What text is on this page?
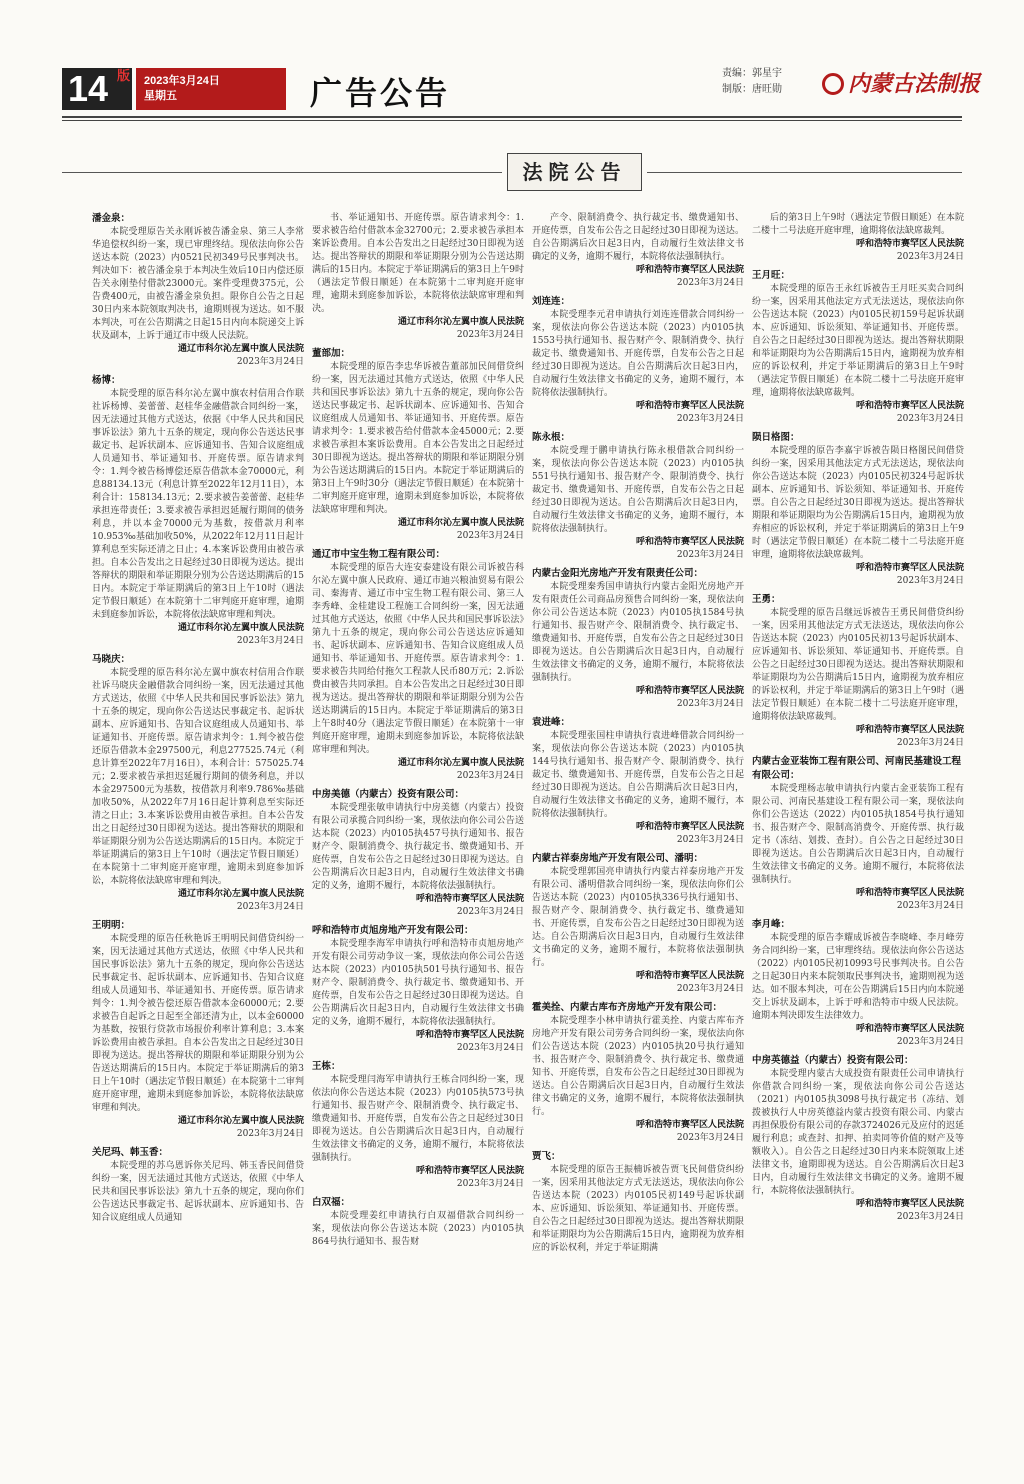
14 版 2023年3月24日
星期五	广告公告
责编：郭星宇
制版：唐旺勋	内蒙古法制报
法院公告
潘金泉：
本院受理原告关永刚诉被告潘金泉、第三人李常华追偿权纠纷一案，现已审理终结。现依法向你公告送达本院（2023）内0521民初349号民事判决书。判决如下：被告潘金泉于本判决生效后10日内偿还原告关永刚垫付借款23000元。案件受理费375元，公告费400元，由被告潘金泉负担。限你自公告之日起30日内来本院领取判决书，逾期则视为送达。如不服本判决，可在公告期满之日起15日内向本院递交上诉状及副本，上诉于通辽市中级人民法院。
通辽市科尔沁左翼中旗人民法院
2023年3月24日
杨博：
本院受理的原告科尔沁左翼中旗农村信用合作联社诉杨博、姜蕾蕾、赵桂华金融借款合同纠纷一案，因无法通过其他方式送达，依据《中华人民共和国民事诉讼法》第九十五条的规定，现向你公告送达民事裁定书、起诉状副本、应诉通知书、告知合议庭组成人员通知书、举证通知书、开庭传票。原告请求判令：1.判令被告杨博偿还原告借款本金70000元，利息88134.13元（利息计算至2022年12月11日），本利合计：158134.13元；2.要求被告姜蕾蕾、赵桂华承担连带责任；3.要求被告承担迟延履行期间的债务利息，并以本金70000元为基数，按借款月利率10.953‰基础加收50%，从2022年12月11日起计算利息至实际还清之日止；4.本案诉讼费用由被告承担。自本公告发出之日起经过30日即视为送达。提出答辩状的期限和举证期限分别为公告送达期满后的15日内。本院定于举证期满后的第3日上午10时（遇法定节假日顺延）在本院第十二审判庭开庭审理，逾期未到庭参加诉讼，本院将依法缺席审理和判决。
通辽市科尔沁左翼中旗人民法院
2023年3月24日
马晓庆：
本院受理的原告科尔沁左翼中旗农村信用合作联社诉马晓庆金融借款合同纠纷一案，因无法通过其他方式送达，依照《中华人民共和国民事诉讼法》第九十五条的规定，现向你公告送达民事裁定书、起诉状副本、应诉通知书、告知合议庭组成人员通知书、举证通知书、开庭传票。原告请求判令：1.判令被告偿还原告借款本金297500元，利息277525.74元（利息计算至2022年7月16日），本利合计：575025.74元；2.要求被告承担迟延履行期间的债务利息，并以本金297500元为基数，按借款月利率9.786‰基础加收50%，从2022年7月16日起计算利息至实际还清之日止；3.本案诉讼费用由被告承担。自本公告发出之日起经过30日即视为送达。提出答辩状的期限和举证期限分别为公告送达期满后的15日内。本院定于举证期满后的第3日上午10时（遇法定节假日顺延）在本院第十二审判庭开庭审理，逾期未到庭参加诉讼，本院将依法缺席审理和判决。
通辽市科尔沁左翼中旗人民法院
2023年3月24日
王明明：
本院受理的原告任秋艳诉王明明民间借贷纠纷一案，因无法通过其他方式送达，依照《中华人民共和国民事诉讼法》第九十五条的规定，现向你公告送达民事裁定书、起诉状副本、应诉通知书、告知合议庭组成人员通知书、举证通知书、开庭传票。原告请求判令：1.判令被告偿还原告借款本金60000元；2.要求被告自起诉之日起至全部还清为止，以本金60000为基数，按银行贷款市场报价利率计算利息；3.本案诉讼费用由被告承担。自本公告发出之日起经过30日即视为送达。提出答辩状的期限和举证期限分别为公告送达期满后的15日内。本院定于举证期满后的第3日上午10时（遇法定节假日顺延）在本院第十二审判庭开庭审理，逾期未到庭参加诉讼，本院将依法缺席审理和判决。
通辽市科尔沁左翼中旗人民法院
2023年3月24日
关尼玛、韩玉香：
本院受理的苏乌恩诉你关尼玛、韩玉香民间借贷纠纷一案，因无法通过其他方式送达，依照《中华人民共和国民事诉讼法》第九十五条的规定，现向你们公告送达民事裁定书、起诉状副本、应诉通知书、告知合议庭组成人员通知
书、举证通知书、开庭传票。原告请求判令：1.要求被告给付借款本金32700元；2.要求被告承担本案诉讼费用。自本公告发出之日起经过30日即视为送达。提出答辩状的期限和举证期限分别为公告送达期满后的15日内。本院定于举证期满后的第3日上午9时（遇法定节假日顺延）在本院第十二审判庭开庭审理，逾期未到庭参加诉讼，本院将依法缺席审理和判决。
通辽市科尔沁左翼中旗人民法院
2023年3月24日
董部加：
本院受理的原告李忠华诉被告董部加民间借贷纠纷一案，因无法通过其他方式送达，依照《中华人民共和国民事诉讼法》第九十五条的规定，现向你公告送达民事裁定书、起诉状副本、应诉通知书、告知合议庭组成人员通知书、举证通知书、开庭传票。原告请求判令：1.要求被告给付借款本金45000元；2.要求被告承担本案诉讼费用。自本公告发出之日起经过30日即视为送达。提出答辩状的期限和举证期限分别为公告送达期满后的15日内。本院定于举证期满后的第3日上午9时30分（遇法定节假日顺延）在本院第十二审判庭开庭审理，逾期未到庭参加诉讼，本院将依法缺席审理和判决。
通辽市科尔沁左翼中旗人民法院
2023年3月24日
通辽市中宝生物工程有限公司：
本院受理的原告大连安泰建设有限公司诉被告科尔沁左翼中旗人民政府、通辽市迪兴粮油贸易有限公司、秦海青、通辽市中宝生物工程有限公司、第三人李秀峰、金桂建设工程施工合同纠纷一案，因无法通过其他方式送达，依照《中华人民共和国民事诉讼法》第九十五条的规定，现向你公司公告送达应诉通知书、起诉状副本、应诉通知书、告知合议庭组成人员通知书、举证通知书、开庭传票。原告请求判令：1.要求被告共同给付拖欠工程款人民币80万元；2.诉讼费由被告共同承担。自本公告发出之日起经过30日即视为送达。提出答辩状的期限和举证期限分别为公告送达期满后的15日内。本院定于举证期满后的第3日上午8时40分（遇法定节假日顺延）在本院第十一审判庭开庭审理，逾期未到庭参加诉讼，本院将依法缺席审理和判决。
通辽市科尔沁左翼中旗人民法院
2023年3月24日
中房美德（内蒙古）投资有限公司：
本院受理张敏申请执行中房美德（内蒙古）投资有限公司承揽合同纠纷一案，现依法向你公司公告送达本院（2023）内0105执457号执行通知书、报告财产令、限制消费令、执行裁定书、缴费通知书、开庭传票，自发布公告之日起经过30日即视为送达。自公告期满后次日起3日内，自动履行生效法律文书确定的义务，逾期不履行，本院将依法强制执行。
呼和浩特市赛罕区人民法院
2023年3月24日
呼和浩特市贞旭房地产开发有限公司：
本院受理李海军申请执行呼和浩特市贞旭房地产开发有限公司劳动争议一案，现依法向你公司公告送达本院（2023）内0105执501号执行通知书、报告财产令、限制消费令、执行裁定书、缴费通知书、开庭传票，自发布公告之日起经过30日即视为送达。自公告期满后次日起3日内，自动履行生效法律文书确定的义务，逾期不履行，本院将依法强制执行。
呼和浩特市赛罕区人民法院
2023年3月24日
王栋：
本院受理闫海军申请执行王栋合同纠纷一案，现依法向你公告送达本院（2023）内0105执573号执行通知书、报告财产令、限制消费令、执行裁定书、缴费通知书、开庭传票，自发布公告之日起经过30日即视为送达。自公告期满后次日起3日内，自动履行生效法律文书确定的义务，逾期不履行，本院将依法强制执行。
呼和浩特市赛罕区人民法院
2023年3月24日
白双福：
本院受理姜红申请执行白双福借款合同纠纷一案，现依法向你公告送达本院（2023）内0105执864号执行通知书、报告财
产令、限制消费令、执行裁定书、缴费通知书、开庭传票，自发布公告之日起经过30日即视为送达。自公告期满后次日起3日内，自动履行生效法律文书确定的义务，逾期不履行，本院将依法强制执行。
呼和浩特市赛罕区人民法院
2023年3月24日
刘连连：
本院受理李元君申请执行刘连连借款合同纠纷一案，现依法向你公告送达本院（2023）内0105执1553号执行通知书、报告财产令、限制消费令、执行裁定书、缴费通知书、开庭传票，自发布公告之日起经过30日即视为送达。自公告期满后次日起3日内，自动履行生效法律文书确定的义务，逾期不履行，本院将依法强制执行。
呼和浩特市赛罕区人民法院
2023年3月24日
陈永根：
本院受理于鹏申请执行陈永根借款合同纠纷一案，现依法向你公告送达本院（2023）内0105执551号执行通知书、报告财产令、限制消费令、执行裁定书、缴费通知书、开庭传票，自发布公告之日起经过30日即视为送达。自公告期满后次日起3日内，自动履行生效法律文书确定的义务，逾期不履行，本院将依法强制执行。
呼和浩特市赛罕区人民法院
2023年3月24日
内蒙古金阳光房地产开发有限责任公司：
本院受理秦秀国申请执行内蒙古金阳光房地产开发有限责任公司商品房预售合同纠纷一案，现依法向你公司公告送达本院（2023）内0105执1584号执行通知书、报告财产令、限制消费令、执行裁定书、缴费通知书、开庭传票，自发布公告之日起经过30日即视为送达。自公告期满后次日起3日内，自动履行生效法律文书确定的义务，逾期不履行，本院将依法强制执行。
呼和浩特市赛罕区人民法院
2023年3月24日
袁进峰：
本院受理张国柱申请执行袁进峰借款合同纠纷一案，现依法向你公告送达本院（2023）内0105执144号执行通知书、报告财产令、限制消费令、执行裁定书、缴费通知书、开庭传票，自发布公告之日起经过30日即视为送达。自公告期满后次日起3日内，自动履行生效法律文书确定的义务，逾期不履行，本院将依法强制执行。
呼和浩特市赛罕区人民法院
2023年3月24日
内蒙古祥泰房地产开发有限公司、潘明：
本院受理郭国亮申请执行内蒙古祥泰房地产开发有限公司、潘明借款合同纠纷一案，现依法向你们公告送达本院（2023）内0105执336号执行通知书、报告财产令、限制消费令、执行裁定书、缴费通知书、开庭传票，自发布公告之日起经过30日即视为送达。自公告期满后次日起3日内，自动履行生效法律文书确定的义务，逾期不履行，本院将依法强制执行。
呼和浩特市赛罕区人民法院
2023年3月24日
霍美拴、内蒙古库布齐房地产开发有限公司：
本院受理李小林申请执行霍美拴、内蒙古库布齐房地产开发有限公司劳务合同纠纷一案，现依法向你们公告送达本院（2023）内0105执20号执行通知书、报告财产令、限制消费令、执行裁定书、缴费通知书、开庭传票，自发布公告之日起经过30日即视为送达。自公告期满后次日起3日内，自动履行生效法律文书确定的义务，逾期不履行，本院将依法强制执行。
呼和浩特市赛罕区人民法院
2023年3月24日
贾飞：
本院受理的原告王振楠诉被告贾飞民间借贷纠纷一案，因采用其他法定方式无法送达，现依法向你公告送达本院（2023）内0105民初149号起诉状副本、应诉通知、诉讼须知、举证通知书、开庭传票。自公告之日起经过30日即视为送达。提出答辩状期限和举证期限均为公告期满后15日内，逾期视为放弃相应的诉讼权利，并定于举证期满
后的第3日上午9时（遇法定节假日顺延）在本院二楼十二号法庭开庭审理，逾期将依法缺席裁判。
呼和浩特市赛罕区人民法院
2023年3月24日
王月旺：
本院受理的原告王永红诉被告王月旺买卖合同纠纷一案，因采用其他法定方式无法送达，现依法向你公告送达本院（2023）内0105民初159号起诉状副本、应诉通知、诉讼须知、举证通知书、开庭传票。自公告之日起经过30日即视为送达。提出答辩状期限和举证期限均为公告期满后15日内，逾期视为放弃相应的诉讼权利，并定于举证期满后的第3日上午9时（遇法定节假日顺延）在本院二楼十二号法庭开庭审理，逾期将依法缺席裁判。
呼和浩特市赛罕区人民法院
2023年3月24日
陨日格图：
本院受理的原告李嘉宇诉被告陨日格图民间借贷纠纷一案，因采用其他法定方式无法送达，现依法向你公告送达本院（2023）内0105民初324号起诉状副本、应诉通知书、诉讼须知、举证通知书、开庭传票。自公告之日起经过30日即视为送达。提出答辩状期限和举证期限均为公告期满后15日内，逾期视为放弃相应的诉讼权利，并定于举证期满后的第3日上午9时（遇法定节假日顺延）在本院二楼十二号法庭开庭审理，逾期将依法缺席裁判。
呼和浩特市赛罕区人民法院
2023年3月24日
王勇：
本院受理的原告吕继远诉被告王勇民间借贷纠纷一案，因采用其他法定方式无法送达，现依法向你公告送达本院（2023）内0105民初13号起诉状副本、应诉通知书、诉讼须知、举证通知书、开庭传票。自公告之日起经过30日即视为送达。提出答辩状期限和举证期限均为公告期满后15日内，逾期视为放弃相应的诉讼权利，并定于举证期满后的第3日上午9时（遇法定节假日顺延）在本院二楼十二号法庭开庭审理，逾期将依法缺席裁判。
呼和浩特市赛罕区人民法院
2023年3月24日
内蒙古金亚装饰工程有限公司、河南民基建设工程有限公司：
本院受理杨志敏申请执行内蒙古金亚装饰工程有限公司、河南民基建设工程有限公司一案，现依法向你们公告送达（2022）内0105执1854号执行通知书、报告财产令、限制高消费令、开庭传票、执行裁定书（冻结、划拨、查封）。自公告之日起经过30日即视为送达。自公告期满后次日起3日内，自动履行生效法律文书确定的义务。逾期不履行，本院将依法强制执行。
呼和浩特市赛罕区人民法院
2023年3月24日
李月峰：
本院受理的原告李耀成诉被告李晓峰、李月峰劳务合同纠纷一案，已审理终结。现依法向你公告送达（2022）内0105民初10993号民事判决书。自公告之日起30日内来本院领取民事判决书，逾期则视为送达。如不服本判决，可在公告期满后15日内向本院递交上诉状及副本，上诉于呼和浩特市中级人民法院。逾期本判决即发生法律效力。
呼和浩特市赛罕区人民法院
2023年3月24日
中房英德益（内蒙古）投资有限公司：
本院受理内蒙古大成投资有限责任公司申请执行你借款合同纠纷一案，现依法向你公司公告送达（2021）内0105执3098号执行裁定书（冻结、划拨被执行人中房英德益内蒙古投资有限公司、内蒙古再担保股份有限公司的存款3724026元及应付的迟延履行利息；或查封、扣押、拍卖同等价值的财产及等额收入）。自公告之日起经过30日内来本院领取上述法律文书，逾期即视为送达。自公告期满后次日起3日内，自动履行生效法律文书确定的义务。逾期不履行，本院将依法强制执行。
呼和浩特市赛罕区人民法院
2023年3月24日
